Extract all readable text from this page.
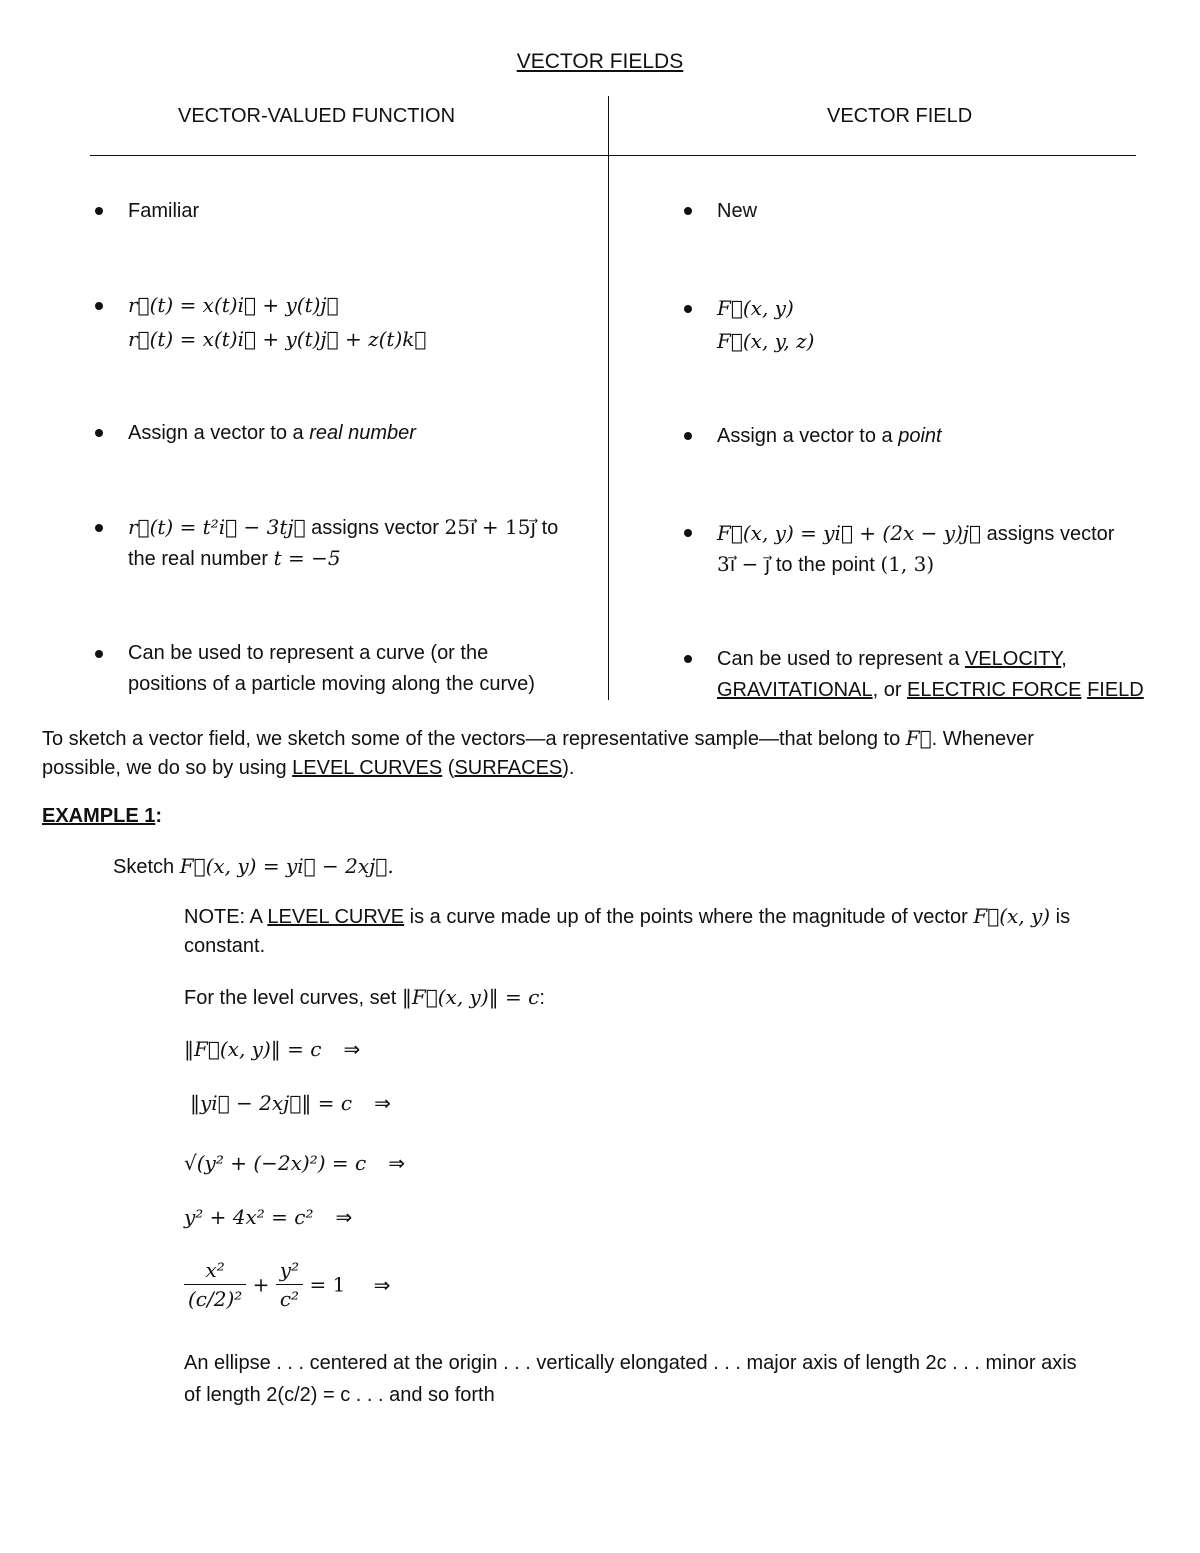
VECTOR FIELDS
VECTOR-VALUED FUNCTION	VECTOR FIELD
Familiar
r⃗(t) = x(t)i⃗ + y(t)j⃗
r⃗(t) = x(t)i⃗ + y(t)j⃗ + z(t)k⃗
Assign a vector to a real number
r⃗(t) = t²i⃗ − 3tj⃗ assigns vector 25i⃗ + 15j⃗ to
the real number t = −5
Can be used to represent a curve (or the
positions of a particle moving along the curve)
New
F⃗(x, y)
F⃗(x, y, z)
Assign a vector to a point
F⃗(x, y) = yi⃗ + (2x − y)j⃗ assigns vector
3i⃗ − j⃗ to the point (1, 3)
Can be used to represent a VELOCITY,
GRAVITATIONAL, or ELECTRIC FORCE FIELD
To sketch a vector field, we sketch some of the vectors—a representative sample—that belong to F⃗. Whenever
possible, we do so by using LEVEL CURVES (SURFACES).
EXAMPLE 1:
Sketch F⃗(x, y) = yi⃗ − 2xj⃗.
NOTE: A LEVEL CURVE is a curve made up of the points where the magnitude of vector F⃗(x, y) is
constant.
For the level curves, set ‖F⃗(x, y)‖ = c:
‖F⃗(x, y)‖ = c ⇒
‖yi⃗ − 2xj⃗‖ = c ⇒
√(y² + (−2x)²) = c ⇒
y² + 4x² = c² ⇒
$\frac{\text{x²}}{\text{(c/2)²}} + \frac{\text{y²}}{\text{c²}} = 1$ ⇒
An ellipse . . . centered at the origin . . . vertically elongated . . . major axis of length 2c . . . minor axis
of length 2(c/2) = c . . . and so forth
